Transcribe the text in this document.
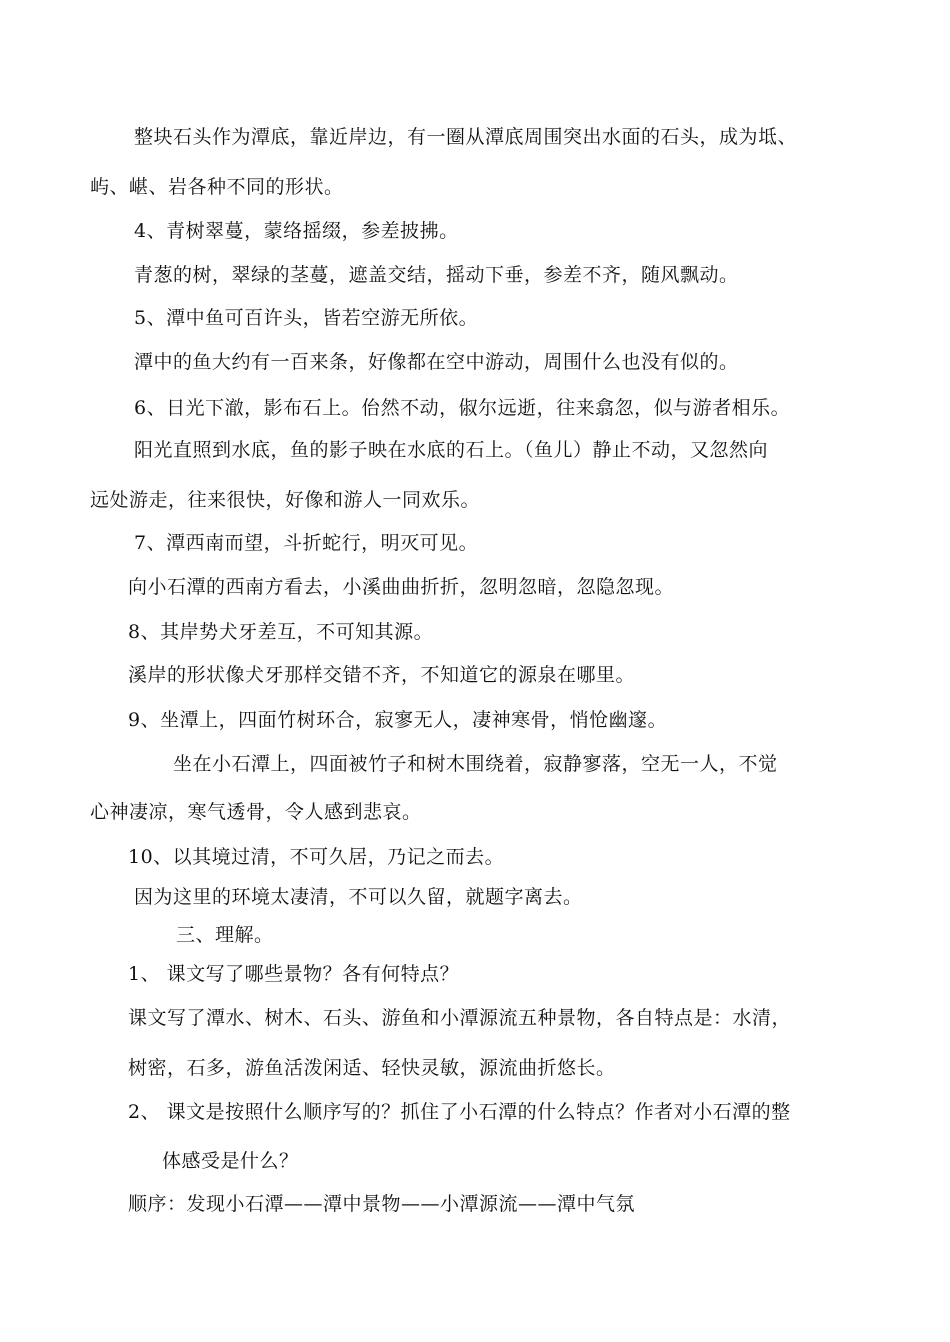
整块石头作为潭底，靠近岸边，有一圈从潭底周围突出水面的石头，成为坻、
屿、嵁、岩各种不同的形状。
4、青树翠蔓，蒙络摇缀，参差披拂。
青葱的树，翠绿的茎蔓，遮盖交结，摇动下垂，参差不齐，随风飘动。
5、潭中鱼可百许头，皆若空游无所依。
潭中的鱼大约有一百来条，好像都在空中游动，周围什么也没有似的。
6、日光下澈，影布石上。佁然不动，俶尔远逝，往来翕忽，似与游者相乐。
阳光直照到水底，鱼的影子映在水底的石上。（鱼儿）静止不动，又忽然向
远处游走，往来很快，好像和游人一同欢乐。
7、潭西南而望，斗折蛇行，明灭可见。
向小石潭的西南方看去，小溪曲曲折折，忽明忽暗，忽隐忽现。
8、其岸势犬牙差互，不可知其源。
溪岸的形状像犬牙那样交错不齐，不知道它的源泉在哪里。
9、坐潭上，四面竹树环合，寂寥无人，凄神寒骨，悄怆幽邃。
坐在小石潭上，四面被竹子和树木围绕着，寂静寥落，空无一人，不觉
心神凄凉，寒气透骨，令人感到悲哀。
10、以其境过清，不可久居，乃记之而去。
因为这里的环境太凄清，不可以久留，就题字离去。
三、理解。
1、 课文写了哪些景物？各有何特点？
课文写了潭水、树木、石头、游鱼和小潭源流五种景物，各自特点是：水清，
树密，石多，游鱼活泼闲适、轻快灵敏，源流曲折悠长。
2、 课文是按照什么顺序写的？抓住了小石潭的什么特点？作者对小石潭的整
体感受是什么？
顺序：发现小石潭——潭中景物——小潭源流——潭中气氛
